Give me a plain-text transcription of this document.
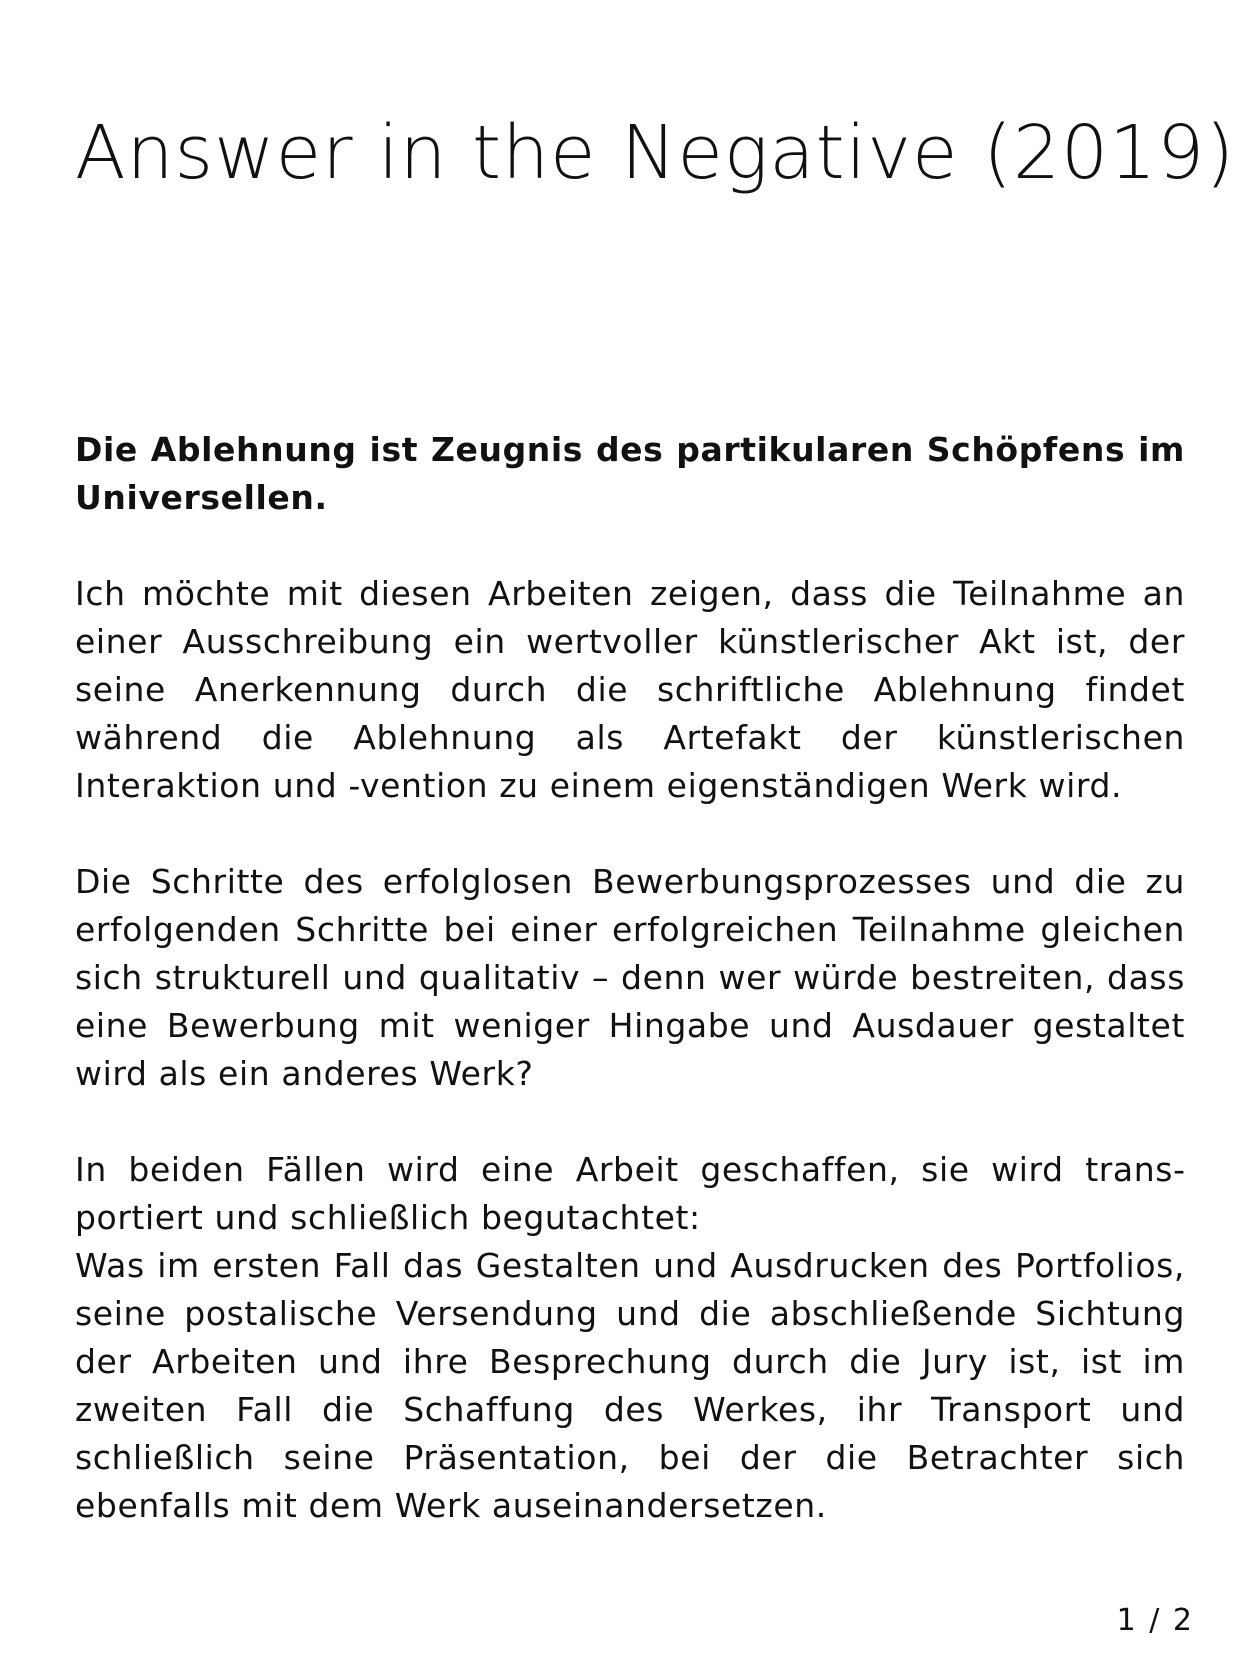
Answer in the Negative (2019)

Die Ablehnung ist Zeugnis des partikularen Schöpfens im Universellen.

Ich möchte mit diesen Arbeiten zeigen, dass die Teilnahme an einer Ausschreibung ein wertvoller künstlerischer Akt ist, der seine Anerkennung durch die schriftliche Ablehnung findet während die Ablehnung als Artefakt der künstlerischen Interaktion und -vention zu einem eigenständigen Werk wird.

Die Schritte des erfolglosen Bewerbungsprozesses und die zu erfolgenden Schritte bei einer erfolgreichen Teilnahme gleichen sich strukturell und qualitativ – denn wer würde bestreiten, dass eine Bewerbung mit weniger Hingabe und Ausdauer gestaltet wird als ein anderes Werk?

In beiden Fällen wird eine Arbeit geschaffen, sie wird transportiert und schließlich begutachtet:
Was im ersten Fall das Gestalten und Ausdrucken des Portfolios, seine postalische Versendung und die abschließende Sichtung der Arbeiten und ihre Besprechung durch die Jury ist, ist im zweiten Fall die Schaffung des Werkes, ihr Transport und schließlich seine Präsentation, bei der die Betrachter sich ebenfalls mit dem Werk auseinandersetzen.

1 / 2
